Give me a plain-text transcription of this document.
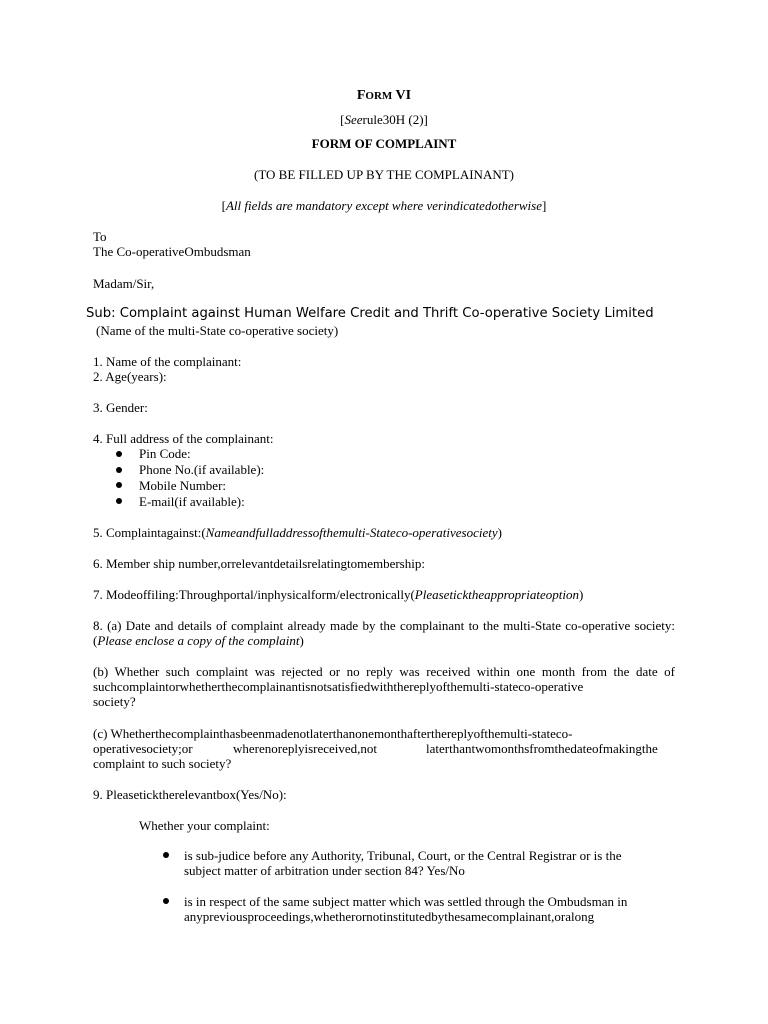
FORM VI
[Seerule30H (2)]
FORM OF COMPLAINT
(TO BE FILLED UP BY THE COMPLAINANT)
[All fields are mandatory except where verindicatedotherwise]
To
The Co-operativeOmbudsman
Madam/Sir,
Sub: Complaint against Human Welfare Credit and Thrift Co-operative Society Limited
(Name of the multi-State co-operative society)
1. Name of the complainant:
2. Age(years):
3. Gender:
4. Full address of the complainant:
Pin Code:
Phone No.(if available):
Mobile Number:
E-mail(if available):
5. Complaintagainst:(Nameandfulladdressofthemulti-Stateco-operativesociety)
6. Member ship number,orrelevantdetailsrelatingtomembership:
7. Modeoffiling:Throughportal/inphysicalform/electronically(Pleaseticktheappropriateoption)
8. (a) Date and details of complaint already made by the complainant to the multi-State co-operative society: (Please enclose a copy of the complaint)
(b) Whether such complaint was rejected or no reply was received within one month from the date of
suchcomplaintorwhetherthecomplainantisnotsatisfiedwiththereplyofthemulti-stateco-operative
society?
(c) Whetherthecomplainthasbeenmadenotlaterthanonemonthafterthereplyofthemulti-stateco-
operativesociety;or	wherenoreplyisreceived,not	laterthantwomonthsfromthedateofmakingthe
complaint to such society?
9. Pleaseticktherelevantbox(Yes/No):
Whether your complaint:
is sub-judice before any Authority, Tribunal, Court, or the Central Registrar or is the
subject matter of arbitration under section 84? Yes/No
is in respect of the same subject matter which was settled through the Ombudsman in
anypreviousproceedings,whetherornotinstitutedbythesamecomplainant,oralong
